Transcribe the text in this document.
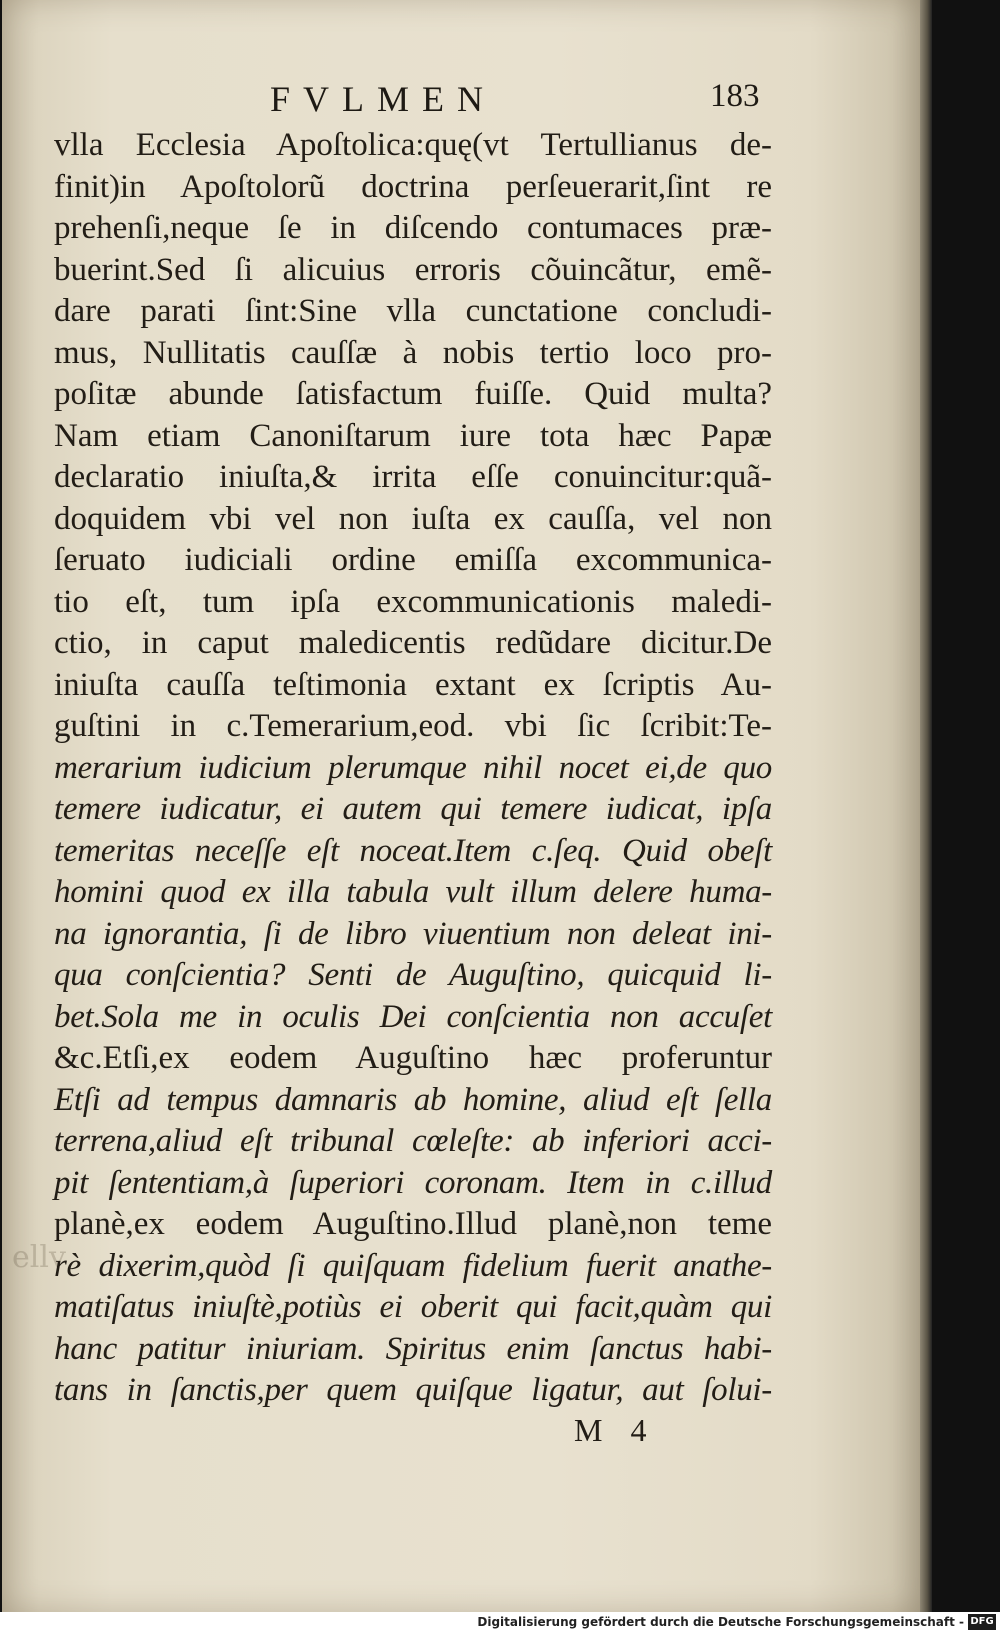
ellv
FVLMEN	183
vlla Ecclesia Apoſtolica:quę(vt Tertullianus de-
finit)in Apoſtolorũ doctrina perſeuerarit,ſint re
prehenſi,neque ſe in diſcendo contumaces præ-
buerint.Sed ſi alicuius erroris cõuincãtur, emẽ-
dare parati ſint:Sine vlla cunctatione concludi-
mus, Nullitatis cauſſæ à nobis tertio loco pro-
poſitæ abunde ſatisfactum fuiſſe. Quid multa?
Nam etiam Canoniſtarum iure tota hæc Papæ
declaratio iniuſta,& irrita eſſe conuincitur:quã-
doquidem vbi vel non iuſta ex cauſſa, vel non
ſeruato iudiciali ordine emiſſa excommunica-
tio eſt, tum ipſa excommunicationis maledi-
ctio, in caput maledicentis redũdare dicitur.De
iniuſta cauſſa teſtimonia extant ex ſcriptis Au-
guſtini in c.Temerarium,eod. vbi ſic ſcribit:Te-
merarium iudicium plerumque nihil nocet ei,de quo
temere iudicatur, ei autem qui temere iudicat, ipſa
temeritas neceſſe eſt noceat.Item c.ſeq. Quid obeſt
homini quod ex illa tabula vult illum delere huma-
na ignorantia, ſi de libro viuentium non deleat ini-
qua conſcientia? Senti de Auguſtino, quicquid li-
bet.Sola me in oculis Dei conſcientia non accuſet
&c.Etſi,ex eodem Auguſtino hæc proferuntur
Etſi ad tempus damnaris ab homine, aliud eſt ſella
terrena,aliud eſt tribunal cœleſte: ab inferiori acci-
pit ſententiam,à ſuperiori coronam. Item in c.illud
planè,ex eodem Auguſtino.Illud planè,non teme
rè dixerim,quòd ſi quiſquam fidelium fuerit anathe-
matiſatus iniuſtè,potiùs ei oberit qui facit,quàm qui
hanc patitur iniuriam. Spiritus enim ſanctus habi-
tans in ſanctis,per quem quiſque ligatur, aut ſolui-
M 4
Digitalisierung gefördert durch die Deutsche Forschungsgemeinschaft - DFG
